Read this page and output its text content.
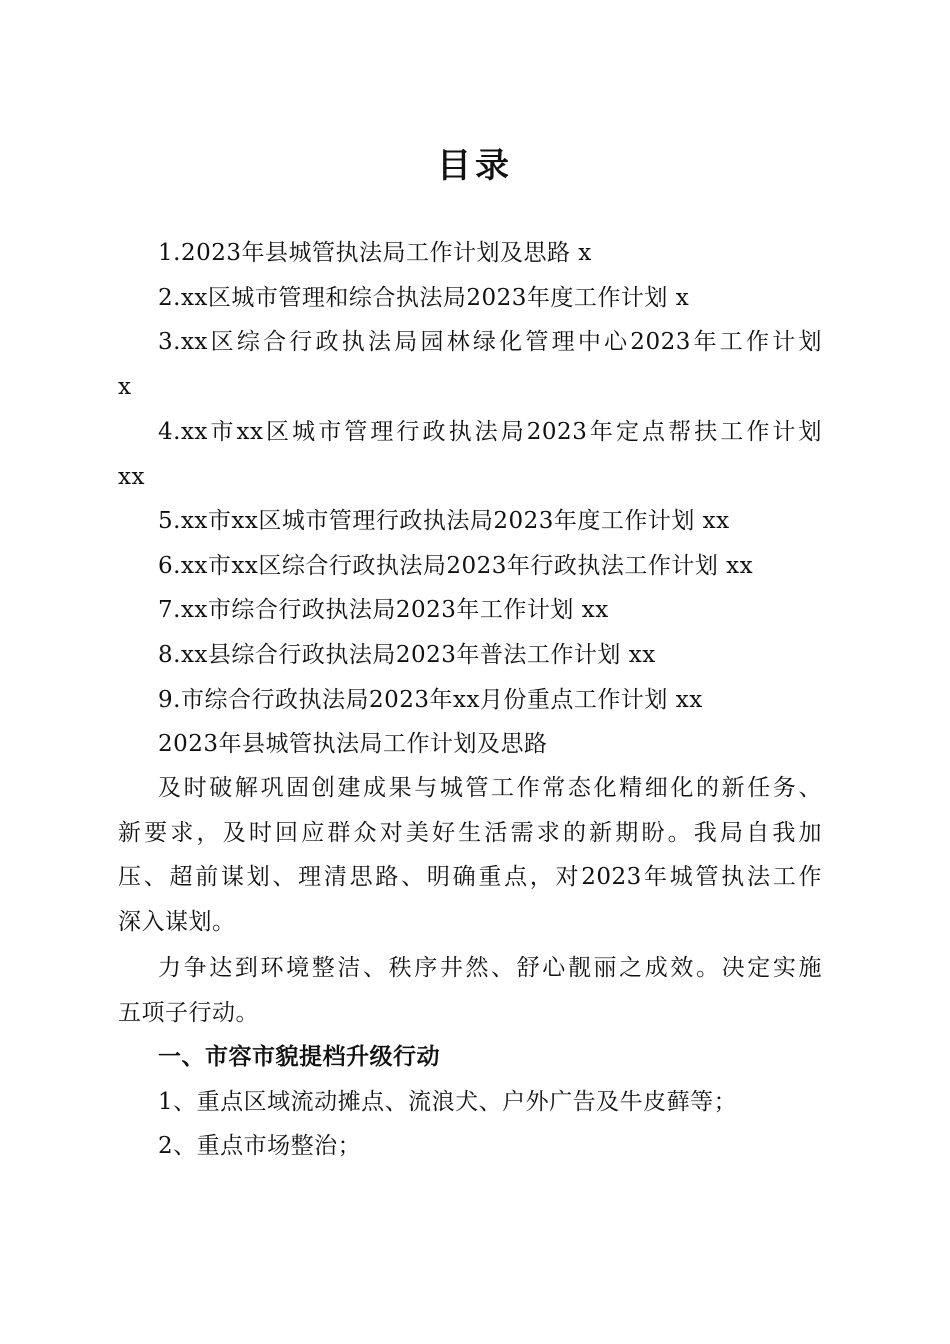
目录
1.2023年县城管执法局工作计划及思路 x
2.xx区城市管理和综合执法局2023年度工作计划 x
3.xx区综合行政执法局园林绿化管理中心2023年工作计划
x
4.xx市xx区城市管理行政执法局2023年定点帮扶工作计划
xx
5.xx市xx区城市管理行政执法局2023年度工作计划 xx
6.xx市xx区综合行政执法局2023年行政执法工作计划 xx
7.xx市综合行政执法局2023年工作计划 xx
8.xx县综合行政执法局2023年普法工作计划 xx
9.市综合行政执法局2023年xx月份重点工作计划 xx
2023年县城管执法局工作计划及思路
及时破解巩固创建成果与城管工作常态化精细化的新任务、
新要求，及时回应群众对美好生活需求的新期盼。我局自我加
压、超前谋划、理清思路、明确重点，对2023年城管执法工作
深入谋划。
力争达到环境整洁、秩序井然、舒心靓丽之成效。决定实施
五项子行动。
一、市容市貌提档升级行动
1、重点区域流动摊点、流浪犬、户外广告及牛皮藓等；
2、重点市场整治；
